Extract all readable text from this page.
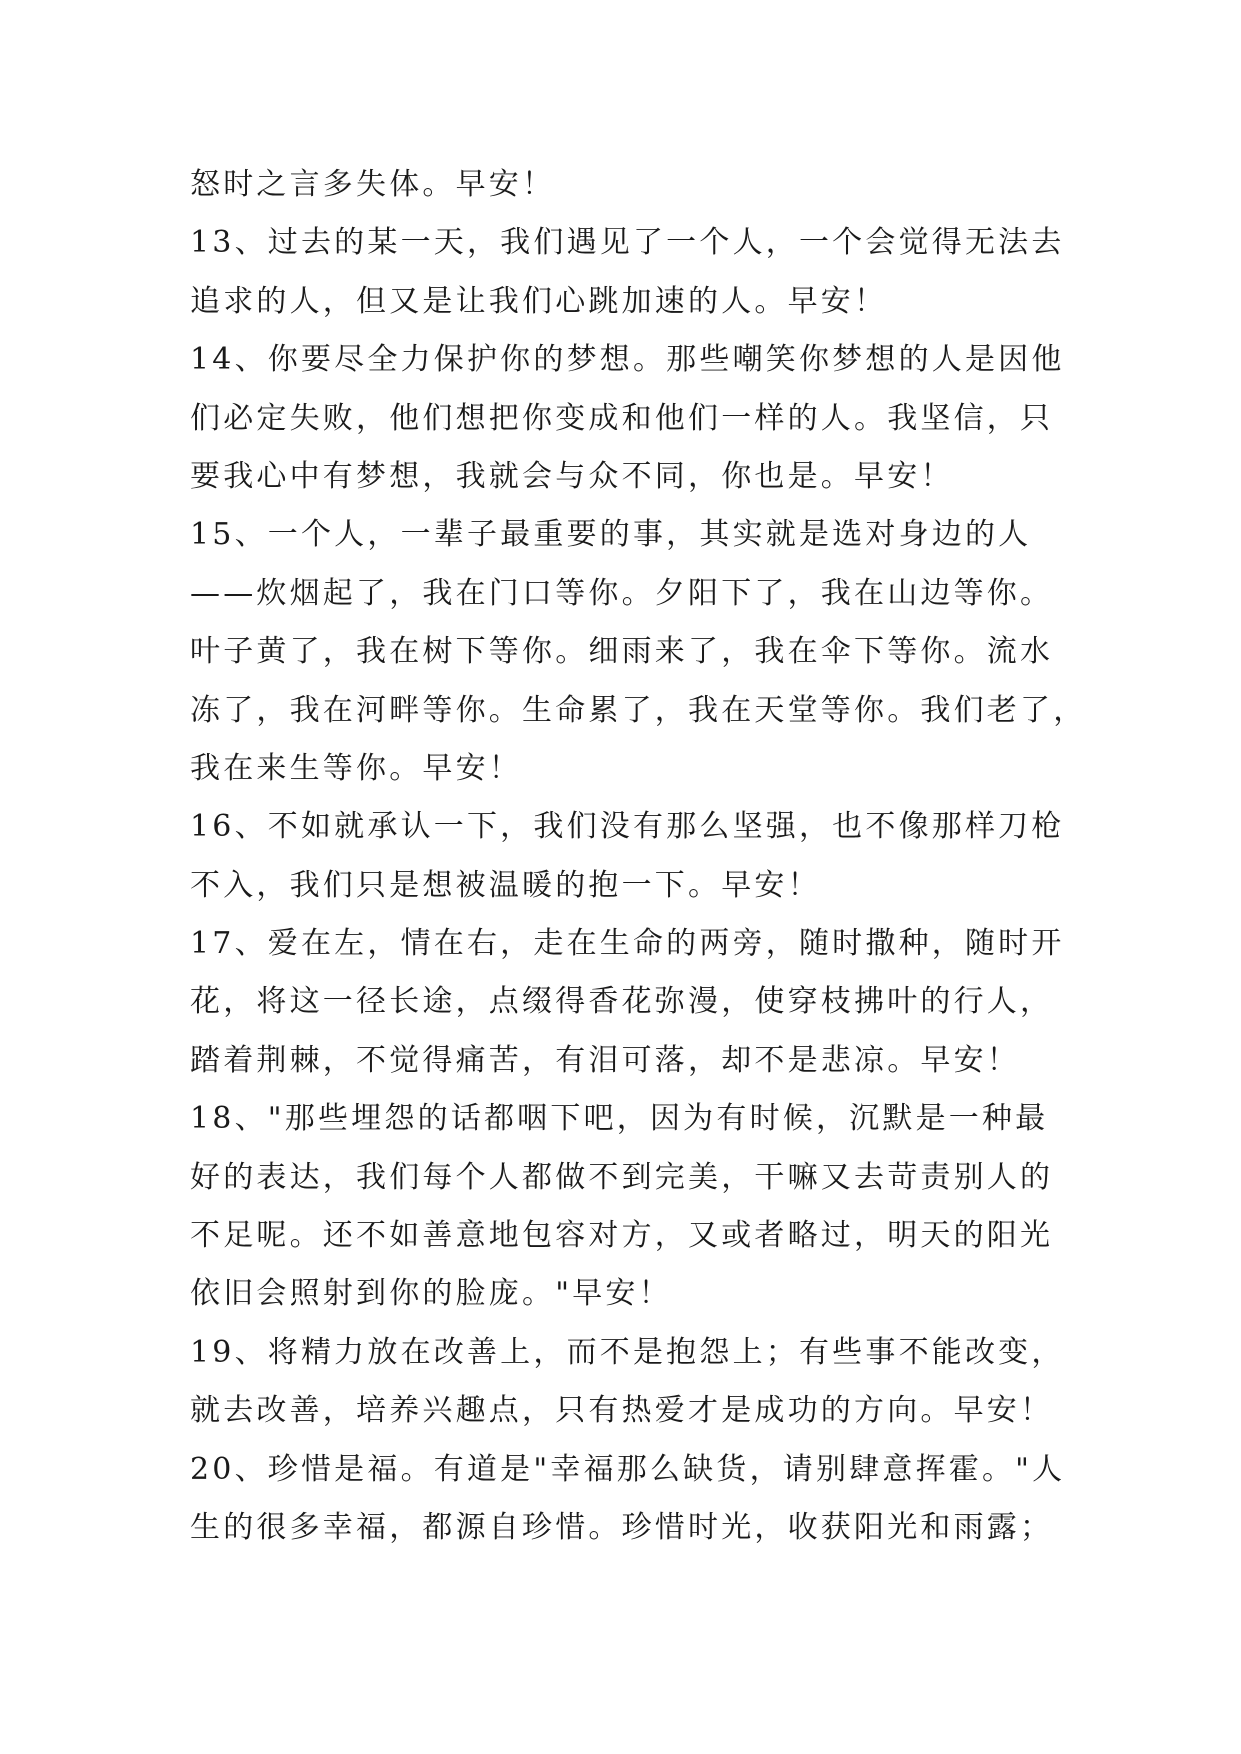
怒时之言多失体。早安！
13、过去的某一天，我们遇见了一个人，一个会觉得无法去
追求的人，但又是让我们心跳加速的人。早安！
14、你要尽全力保护你的梦想。那些嘲笑你梦想的人是因他
们必定失败，他们想把你变成和他们一样的人。我坚信，只
要我心中有梦想，我就会与众不同，你也是。早安！
15、一个人，一辈子最重要的事，其实就是选对身边的人
——炊烟起了，我在门口等你。夕阳下了，我在山边等你。
叶子黄了，我在树下等你。细雨来了，我在伞下等你。流水
冻了，我在河畔等你。生命累了，我在天堂等你。我们老了，
我在来生等你。早安！
16、不如就承认一下，我们没有那么坚强，也不像那样刀枪
不入，我们只是想被温暖的抱一下。早安！
17、爱在左，情在右，走在生命的两旁，随时撒种，随时开
花，将这一径长途，点缀得香花弥漫，使穿枝拂叶的行人，
踏着荆棘，不觉得痛苦，有泪可落，却不是悲凉。早安！
18、"那些埋怨的话都咽下吧，因为有时候，沉默是一种最
好的表达，我们每个人都做不到完美，干嘛又去苛责别人的
不足呢。还不如善意地包容对方，又或者略过，明天的阳光
依旧会照射到你的脸庞。"早安！
19、将精力放在改善上，而不是抱怨上；有些事不能改变，
就去改善，培养兴趣点，只有热爱才是成功的方向。早安！
20、珍惜是福。有道是"幸福那么缺货，请别肆意挥霍。"人
生的很多幸福，都源自珍惜。珍惜时光，收获阳光和雨露；
